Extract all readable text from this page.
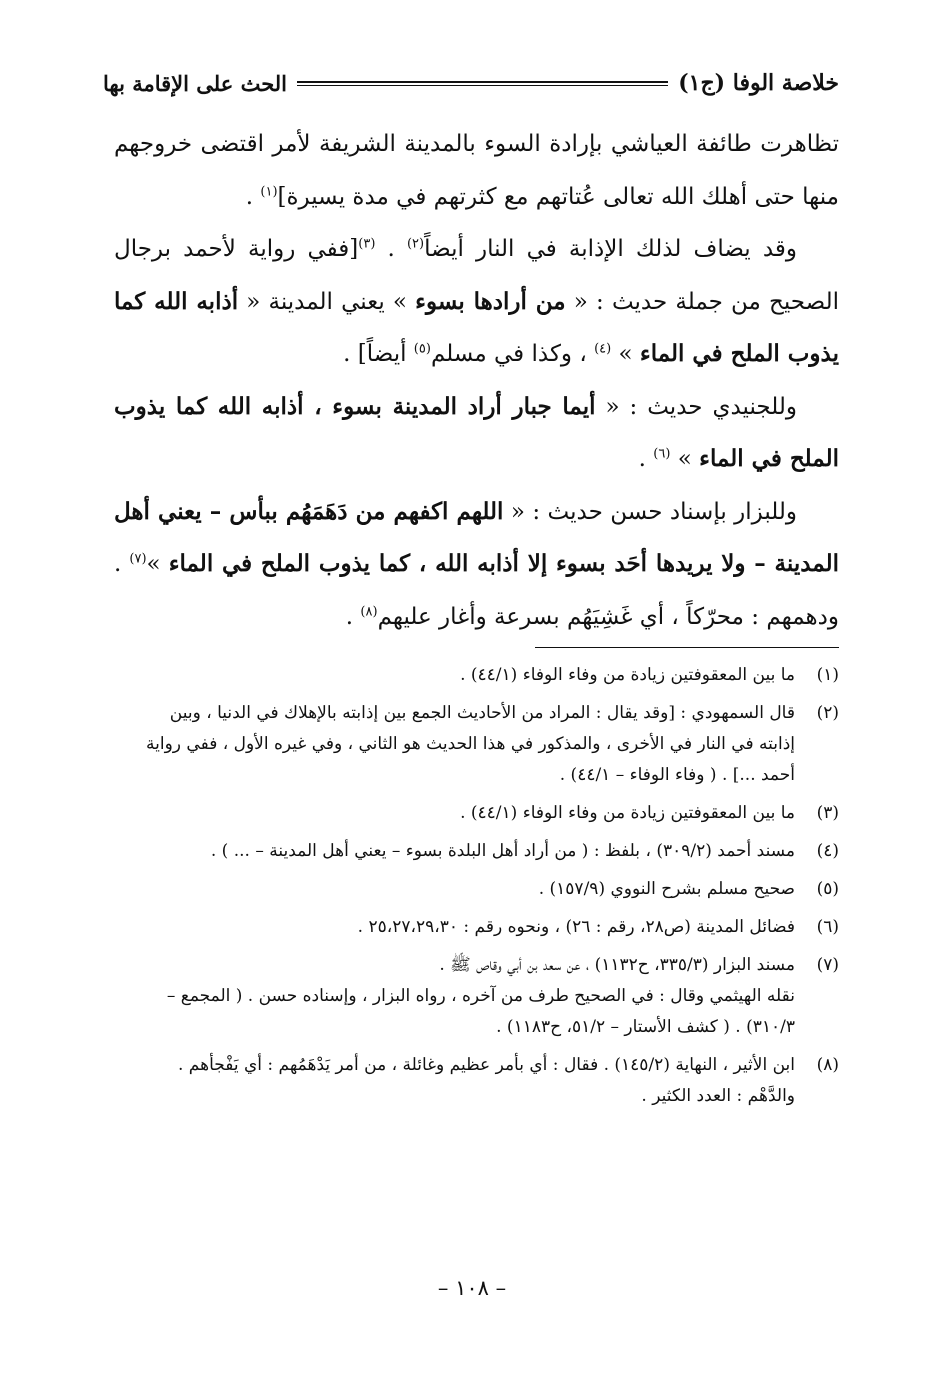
خلاصة الوفا (ج١)
الحث على الإقامة بها

تظاهرت طائفة العياشي بإرادة السوء بالمدينة الشريفة لأمر اقتضى خروجهم منها حتى أهلك الله تعالى عُتاتهم مع كثرتهم في مدة يسيرة]$^{(١)}$ .

وقد يضاف لذلك الإذابة في النار أيضاً$^{(٢)}$ . $^{(٣)}$[ففي رواية لأحمد برجال الصحيح من جملة حديث : « من أرادها بسوء » يعني المدينة « أذابه الله كما يذوب الملح في الماء » $^{(٤)}$ ، وكذا في مسلم$^{(٥)}$ أيضاً] .

وللجنيدي حديث : « أيما جبار أراد المدينة بسوء ، أذابه الله كما يذوب الملح في الماء » $^{(٦)}$ .

وللبزار بإسناد حسن حديث : « اللهم اكفهم من دَهَمَهُم ببأس – يعني أهل المدينة – ولا يريدها أحَد بسوء إلا أذابه الله ، كما يذوب الملح في الماء »$^{(٧)}$ . ودهمهم : محرّكاً ، أي غَشِيَهُم بسرعة وأغار عليهم$^{(٨)}$ .

(١)
ما بين المعقوفتين زيادة من وفاء الوفاء (٤٤/١) .
(٢)
قال السمهودي : [وقد يقال : المراد من الأحاديث الجمع بين إذابته بالإهلاك في الدنيا ، وبين
إذابته في النار في الأخرى ، والمذكور في هذا الحديث هو الثاني ، وفي غيره الأول ، ففي رواية
أحمد ...] . ( وفاء الوفاء – ٤٤/١) .
(٣)
ما بين المعقوفتين زيادة من وفاء الوفاء (٤٤/١) .
(٤)
مسند أحمد (٣٠٩/٢) ، بلفظ : ( من أراد أهل البلدة بسوء – يعني أهل المدينة – ... ) .
(٥)
صحيح مسلم بشرح النووي (١٥٧/٩) .
(٦)
فضائل المدينة (ص٢٨، رقم : ٢٦) ، ونحوه رقم : ٢٥،٢٧،٢٩،٣٠ .
(٧)
مسند البزار (٣٣٥/٣، ح١١٣٢) ، عن سعد بن أبي وقاص ﷺ .
نقله الهيثمي وقال : في الصحيح طرف من آخره ، رواه البزار ، وإسناده حسن . ( المجمع –
٣١٠/٣) . ( كشف الأستار – ٥١/٢، ح١١٨٣) .
(٨)
ابن الأثير ، النهاية (١٤٥/٢) . فقال : أي بأمر عظيم وغائلة ، من أمر يَدْهَمُهم : أي يَفْجأهم .
والدَّهْم : العدد الكثير .
– ١٠٨ –
